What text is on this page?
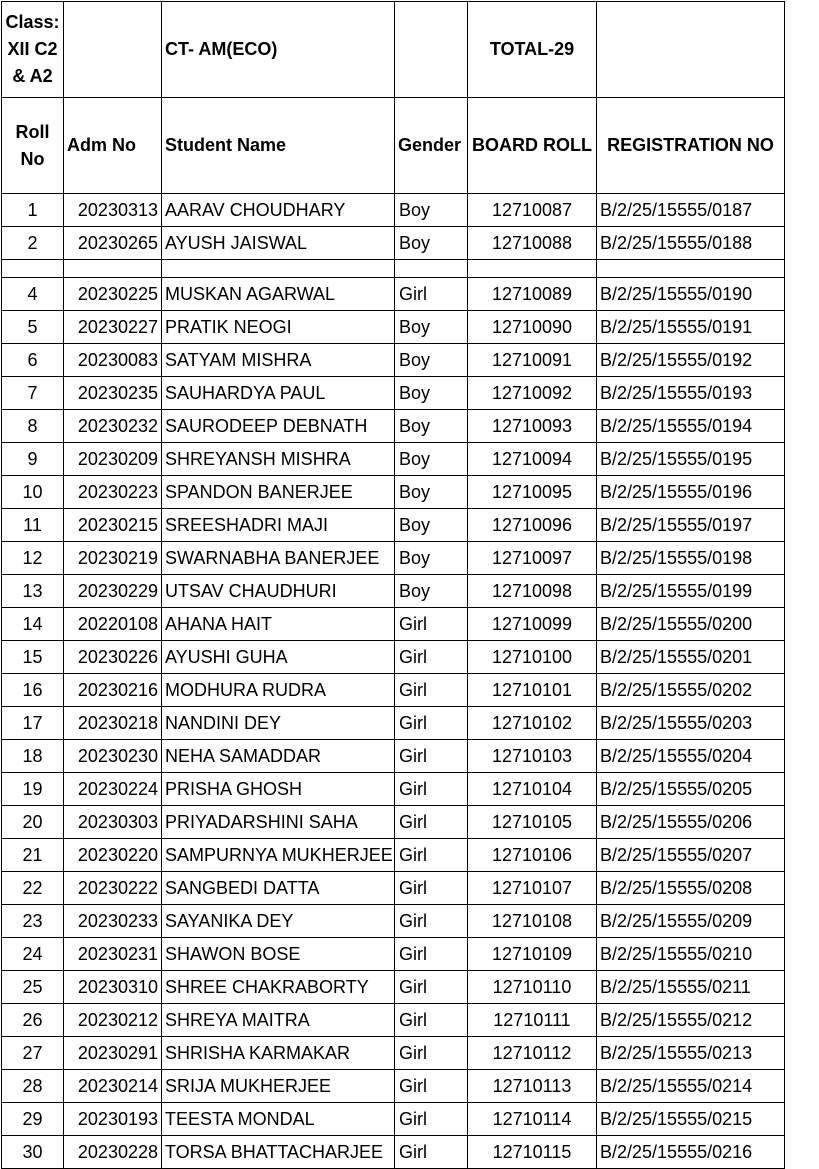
Class:
XII C2
& A2		CT- AM(ECO)		TOTAL-29	

Roll
No	Adm No	Student Name	Gender	BOARD ROLL	REGISTRATION NO
1	20230313	AARAV CHOUDHARY	Boy	12710087	B/2/25/15555/0187
2	20230265	AYUSH JAISWAL	Boy	12710088	B/2/25/15555/0188

4	20230225	MUSKAN AGARWAL	Girl	12710089	B/2/25/15555/0190
5	20230227	PRATIK NEOGI	Boy	12710090	B/2/25/15555/0191
6	20230083	SATYAM MISHRA	Boy	12710091	B/2/25/15555/0192
7	20230235	SAUHARDYA PAUL	Boy	12710092	B/2/25/15555/0193
8	20230232	SAURODEEP DEBNATH	Boy	12710093	B/2/25/15555/0194
9	20230209	SHREYANSH MISHRA	Boy	12710094	B/2/25/15555/0195
10	20230223	SPANDON BANERJEE	Boy	12710095	B/2/25/15555/0196
11	20230215	SREESHADRI MAJI	Boy	12710096	B/2/25/15555/0197
12	20230219	SWARNABHA BANERJEE	Boy	12710097	B/2/25/15555/0198
13	20230229	UTSAV CHAUDHURI	Boy	12710098	B/2/25/15555/0199
14	20220108	AHANA HAIT	Girl	12710099	B/2/25/15555/0200
15	20230226	AYUSHI GUHA	Girl	12710100	B/2/25/15555/0201
16	20230216	MODHURA RUDRA	Girl	12710101	B/2/25/15555/0202
17	20230218	NANDINI DEY	Girl	12710102	B/2/25/15555/0203
18	20230230	NEHA SAMADDAR	Girl	12710103	B/2/25/15555/0204
19	20230224	PRISHA GHOSH	Girl	12710104	B/2/25/15555/0205
20	20230303	PRIYADARSHINI SAHA	Girl	12710105	B/2/25/15555/0206
21	20230220	SAMPURNYA MUKHERJEE	Girl	12710106	B/2/25/15555/0207
22	20230222	SANGBEDI DATTA	Girl	12710107	B/2/25/15555/0208
23	20230233	SAYANIKA DEY	Girl	12710108	B/2/25/15555/0209
24	20230231	SHAWON BOSE	Girl	12710109	B/2/25/15555/0210
25	20230310	SHREE CHAKRABORTY	Girl	12710110	B/2/25/15555/0211
26	20230212	SHREYA MAITRA	Girl	12710111	B/2/25/15555/0212
27	20230291	SHRISHA KARMAKAR	Girl	12710112	B/2/25/15555/0213
28	20230214	SRIJA MUKHERJEE	Girl	12710113	B/2/25/15555/0214
29	20230193	TEESTA MONDAL	Girl	12710114	B/2/25/15555/0215
30	20230228	TORSA BHATTACHARJEE	Girl	12710115	B/2/25/15555/0216
